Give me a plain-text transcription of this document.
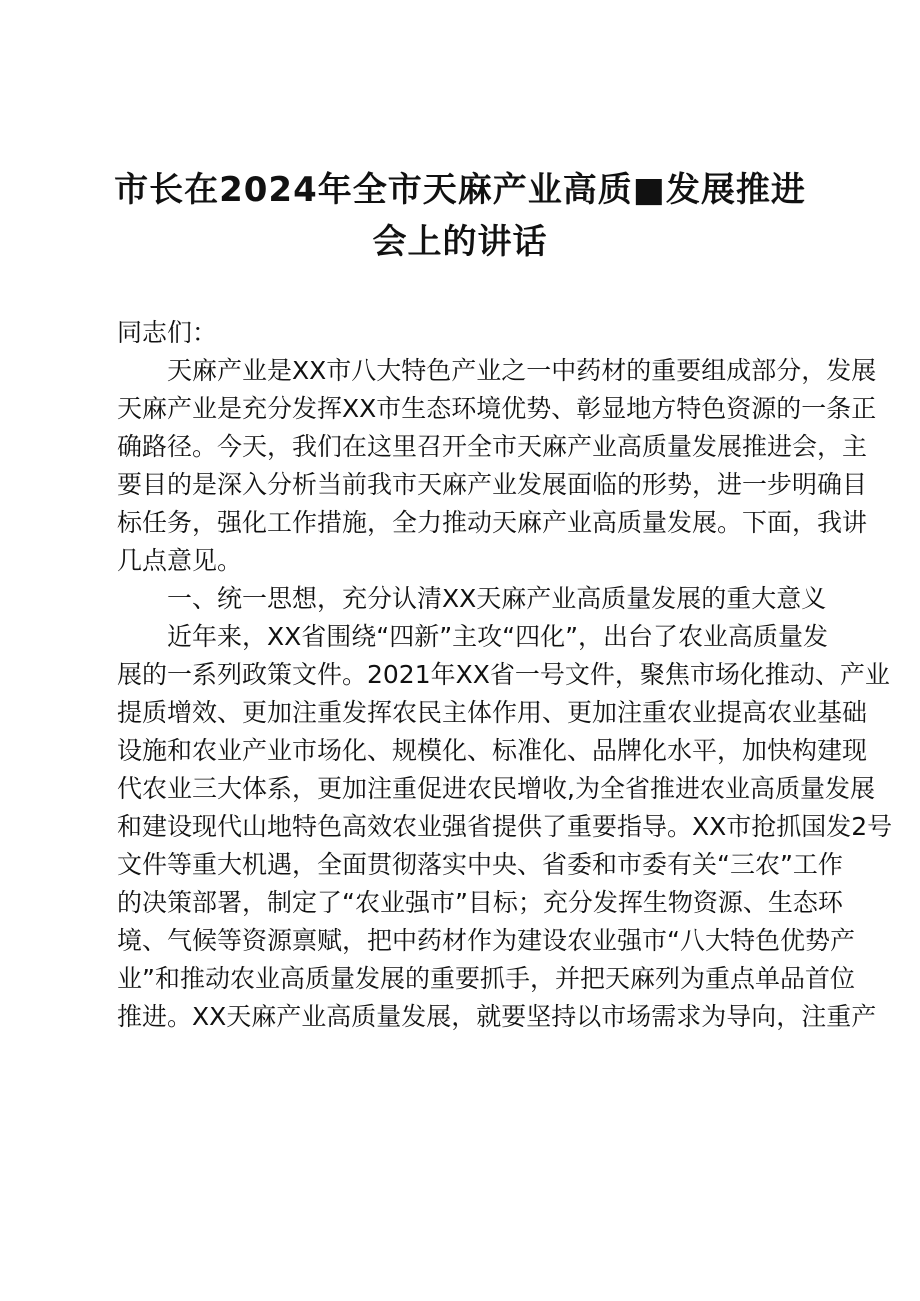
市长在2024年全市天麻产业高质■发展推进
会上的讲话
同志们：
天麻产业是XX市八大特色产业之一中药材的重要组成部分，发展
天麻产业是充分发挥XX市生态环境优势、彰显地方特色资源的一条正
确路径。今天，我们在这里召开全市天麻产业高质量发展推进会，主
要目的是深入分析当前我市天麻产业发展面临的形势，进一步明确目
标任务，强化工作措施，全力推动天麻产业高质量发展。下面，我讲
几点意见。
一、统一思想，充分认清XX天麻产业高质量发展的重大意义
近年来，XX省围绕“四新”主攻“四化”，出台了农业高质量发
展的一系列政策文件。2021年XX省一号文件，聚焦市场化推动、产业
提质增效、更加注重发挥农民主体作用、更加注重农业提高农业基础
设施和农业产业市场化、规模化、标准化、品牌化水平，加快构建现
代农业三大体系，更加注重促进农民增收,为全省推进农业高质量发展
和建设现代山地特色高效农业强省提供了重要指导。XX市抢抓国发2号
文件等重大机遇，全面贯彻落实中央、省委和市委有关“三农”工作
的决策部署，制定了“农业强市”目标；充分发挥生物资源、生态环
境、气候等资源禀赋，把中药材作为建设农业强市“八大特色优势产
业”和推动农业高质量发展的重要抓手，并把天麻列为重点单品首位
推进。XX天麻产业高质量发展，就要坚持以市场需求为导向，注重产
